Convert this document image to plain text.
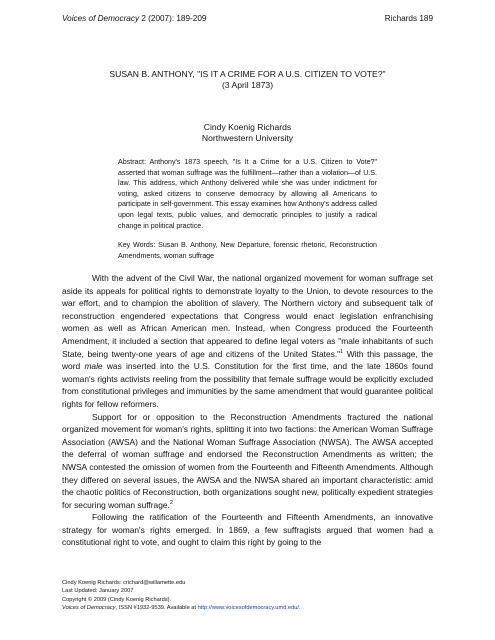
Voices of Democracy 2 (2007): 189-209	Richards 189
SUSAN B. ANTHONY, "IS IT A CRIME FOR A U.S. CITIZEN TO VOTE?"
(3 April 1873)
Cindy Koenig Richards
Northwestern University
Abstract: Anthony's 1873 speech, "Is It a Crime for a U.S. Citizen to Vote?" asserted that woman suffrage was the fulfillment—rather than a violation—of U.S. law. This address, which Anthony delivered while she was under indictment for voting, asked citizens to conserve democracy by allowing all Americans to participate in self-government. This essay examines how Anthony's address called upon legal texts, public values, and democratic principles to justify a radical change in political practice.
Key Words: Susan B. Anthony, New Departure, forensic rhetoric, Reconstruction Amendments, woman suffrage

With the advent of the Civil War, the national organized movement for woman suffrage set aside its appeals for political rights to demonstrate loyalty to the Union, to devote resources to the war effort, and to champion the abolition of slavery. The Northern victory and subsequent talk of reconstruction engendered expectations that Congress would enact legislation enfranchising women as well as African American men. Instead, when Congress produced the Fourteenth Amendment, it included a section that appeared to define legal voters as "male inhabitants of such State, being twenty-one years of age and citizens of the United States."$^1$ With this passage, the word male was inserted into the U.S. Constitution for the first time, and the late 1860s found woman's rights activists reeling from the possibility that female suffrage would be explicitly excluded from constitutional privileges and immunities by the same amendment that would guarantee political rights for fellow reformers.

Support for or opposition to the Reconstruction Amendments fractured the national organized movement for woman's rights, splitting it into two factions: the American Woman Suffrage Association (AWSA) and the National Woman Suffrage Association (NWSA). The AWSA accepted the deferral of woman suffrage and endorsed the Reconstruction Amendments as written; the NWSA contested the omission of women from the Fourteenth and Fifteenth Amendments. Although they differed on several issues, the AWSA and the NWSA shared an important characteristic: amid the chaotic politics of Reconstruction, both organizations sought new, politically expedient strategies for securing woman suffrage.$^2$

Following the ratification of the Fourteenth and Fifteenth Amendments, an innovative strategy for woman's rights emerged. In 1869, a few suffragists argued that women had a constitutional right to vote, and ought to claim this right by going to the

Cindy Koenig Richards: crichard@willamette.edu
Last Updated: January 2007
Copyright © 2009 (Cindy Koenig Richards).
Voices of Democracy, ISSN #1932-9539. Available at http://www.voicesofdemocracy.umd.edu/.
